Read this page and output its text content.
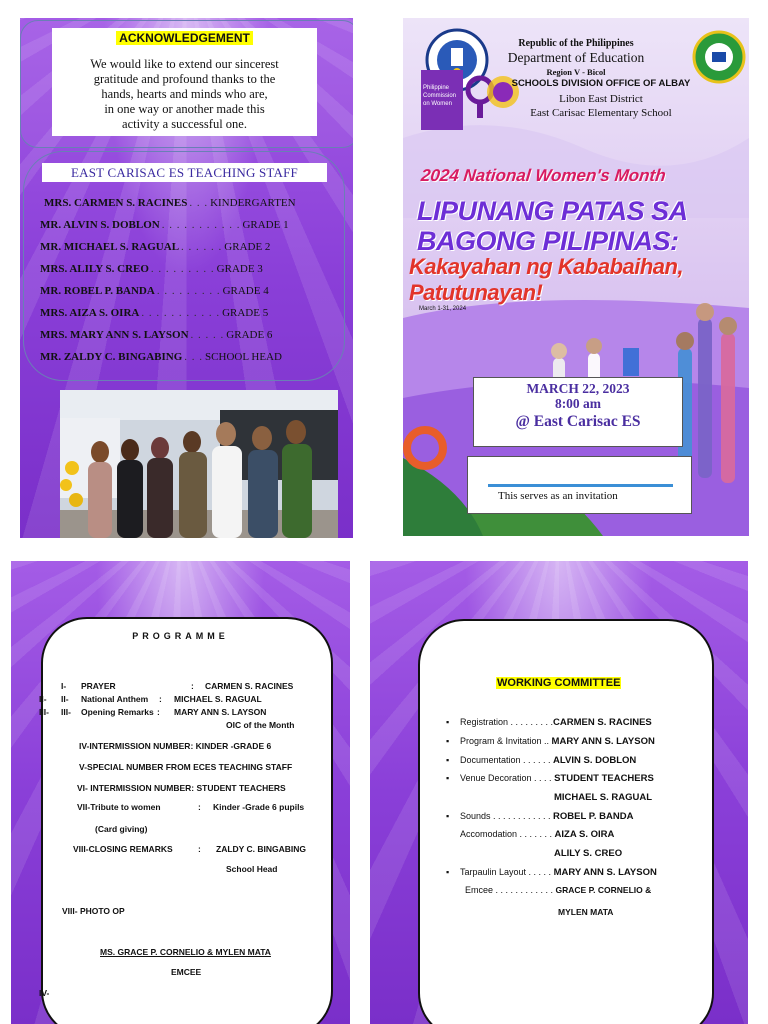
ACKNOWLEDGEMENT
We would like to extend our sincerest
gratitude and profound thanks to the
hands, hearts and minds who are,
in one way or another made this
activity a successful one.
EAST CARISAC ES TEACHING STAFF
MRS. CARMEN S. RACINES . . . KINDERGARTEN
MR. ALVIN S. DOBLON . . . . . . . . . . . GRADE 1
MR. MICHAEL S. RAGUAL . . . . . . GRADE 2
MRS. ALILY S. CREO . . . . . . . . . GRADE 3
MR. ROBEL P. BANDA . . . . . . . . . GRADE 4
MRS. AIZA S. OIRA . . . . . . . . . . . GRADE 5
MRS. MARY ANN S. LAYSON . . . . . GRADE 6
MR. ZALDY C. BINGABING . . . SCHOOL HEAD
Philippine Commission on Women
Republic of the Philippines
Department of Education
Region V - Bicol
SCHOOLS DIVISION OFFICE OF ALBAY
Libon East District
East Carisac Elementary School
2024 National Women's Month
LIPUNANG PATAS SA BAGONG PILIPINAS:
Kakayahan ng Kababaihan, Patutunayan!
March 1-31, 2024
MARCH 22, 2023
8:00 am
@ East Carisac ES
This serves as an invitation
PROGRAMME
I- PRAYER	: CARMEN S. RACINES
II- II- National Anthem : MICHAEL S. RAGUAL
III- III- Opening Remarks : MARY ANN S. LAYSON
OIC of the Month
IV-INTERMISSION NUMBER: KINDER -GRADE 6
V-SPECIAL NUMBER FROM ECES TEACHING STAFF
VI- INTERMISSION NUMBER: STUDENT TEACHERS
VII-Tribute to women	: Kinder -Grade 6 pupils
(Card giving)
VIII-CLOSING REMARKS	: ZALDY C. BINGABING
School Head
VIII- PHOTO OP
MS. GRACE P. CORNELIO & MYLEN MATA
EMCEE
IV-
WORKING COMMITTEE
▪ Registration . . . . . . . . .CARMEN S. RACINES
▪ Program & Invitation .. MARY ANN S. LAYSON
▪ Documentation . . . . . . ALVIN S. DOBLON
▪ Venue Decoration . . . . STUDENT TEACHERS
MICHAEL S. RAGUAL
▪ Sounds . . . . . . . . . . . . ROBEL P. BANDA
Accomodation . . . . . . . AIZA S. OIRA
ALILY S. CREO
▪ Tarpaulin Layout . . . . . MARY ANN S. LAYSON
Emcee . . . . . . . . . . . . GRACE P. CORNELIO &
MYLEN MATA
